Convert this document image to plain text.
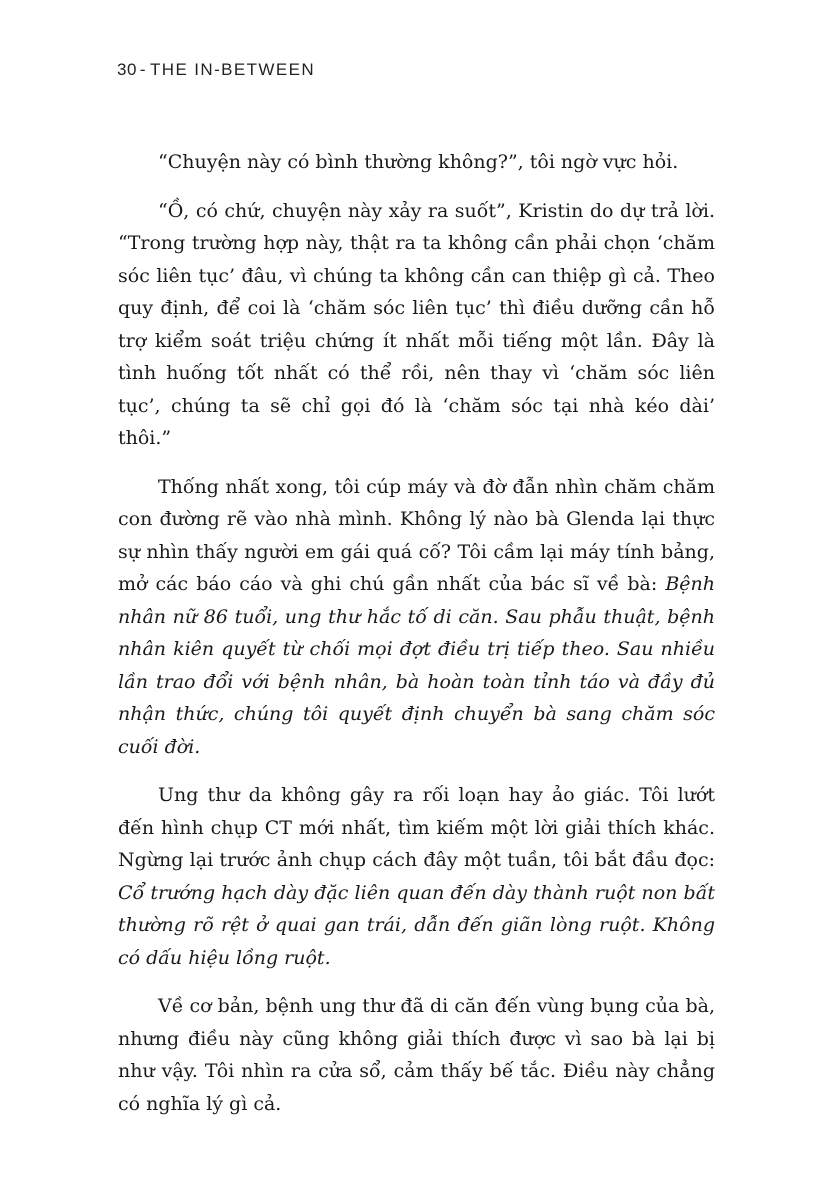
30 - THE IN-BETWEEN

“Chuyện này có bình thường không?”, tôi ngờ vực hỏi.

“Ồ, có chứ, chuyện này xảy ra suốt”, Kristin do dự trả lời. “Trong trường hợp này, thật ra ta không cần phải chọn ‘chăm sóc liên tục’ đâu, vì chúng ta không cần can thiệp gì cả. Theo quy định, để coi là ‘chăm sóc liên tục’ thì điều dưỡng cần hỗ trợ kiểm soát triệu chứng ít nhất mỗi tiếng một lần. Đây là tình huống tốt nhất có thể rồi, nên thay vì ‘chăm sóc liên tục’, chúng ta sẽ chỉ gọi đó là ‘chăm sóc tại nhà kéo dài’ thôi.”

Thống nhất xong, tôi cúp máy và đờ đẫn nhìn chăm chăm con đường rẽ vào nhà mình. Không lý nào bà Glenda lại thực sự nhìn thấy người em gái quá cố? Tôi cầm lại máy tính bảng, mở các báo cáo và ghi chú gần nhất của bác sĩ về bà: Bệnh nhân nữ 86 tuổi, ung thư hắc tố di căn. Sau phẫu thuật, bệnh nhân kiên quyết từ chối mọi đợt điều trị tiếp theo. Sau nhiều lần trao đổi với bệnh nhân, bà hoàn toàn tỉnh táo và đầy đủ nhận thức, chúng tôi quyết định chuyển bà sang chăm sóc cuối đời.

Ung thư da không gây ra rối loạn hay ảo giác. Tôi lướt đến hình chụp CT mới nhất, tìm kiếm một lời giải thích khác. Ngừng lại trước ảnh chụp cách đây một tuần, tôi bắt đầu đọc: Cổ trướng hạch dày đặc liên quan đến dày thành ruột non bất thường rõ rệt ở quai gan trái, dẫn đến giãn lòng ruột. Không có dấu hiệu lồng ruột.

Về cơ bản, bệnh ung thư đã di căn đến vùng bụng của bà, nhưng điều này cũng không giải thích được vì sao bà lại bị như vậy. Tôi nhìn ra cửa sổ, cảm thấy bế tắc. Điều này chẳng có nghĩa lý gì cả.
